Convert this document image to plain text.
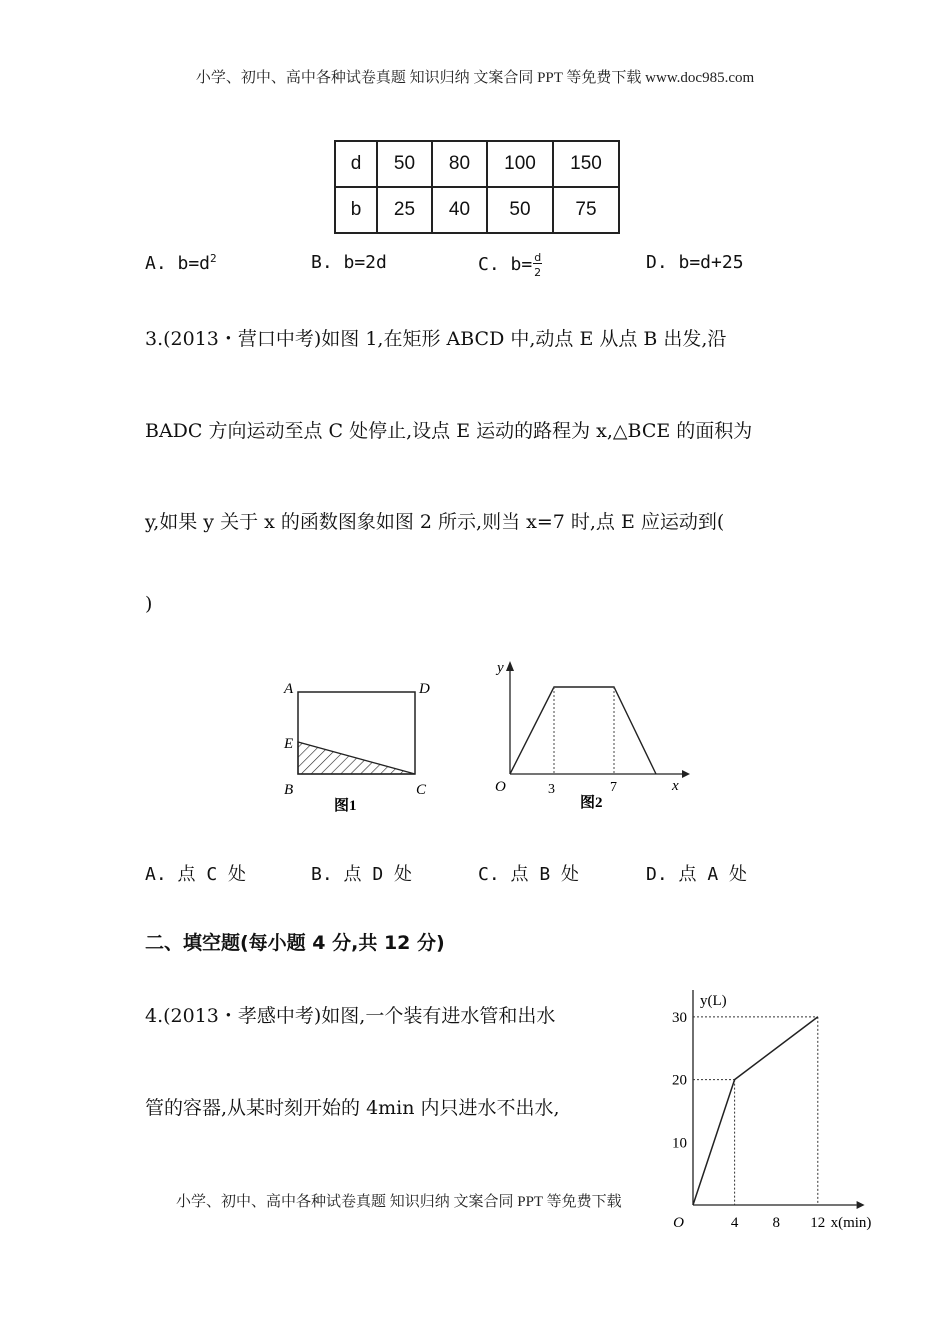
小学、初中、高中各种试卷真题 知识归纳 文案合同 PPT 等免费下载 www.doc985.com
d	50	80	100	150
b	25	40	50	75
A. $b=d^2$	B. b=2d	C. $b= \frac{d}{2}$	D. b=d+25
3.(2013・营口中考)如图 1,在矩形 ABCD 中,动点 E 从点 B 出发,沿
BADC 方向运动至点 C 处停止,设点 E 运动的路程为 x,△BCE 的面积为
y,如果 y 关于 x 的函数图象如图 2 所示,则当 x=7 时,点 E 应运动到(
)
A	D
E
B	C
图1
y
x
O	3	7
图2
A. 点 C 处	B. 点 D 处	C. 点 B 处	D. 点 A 处
二、填空题(每小题 4 分,共 12 分)
4.(2013・孝感中考)如图,一个装有进水管和出水
管的容器,从某时刻开始的 4min 内只进水不出水,
4 8 12
10
20
30
O
y(L)
x(min)
小学、初中、高中各种试卷真题 知识归纳 文案合同 PPT 等免费下载
